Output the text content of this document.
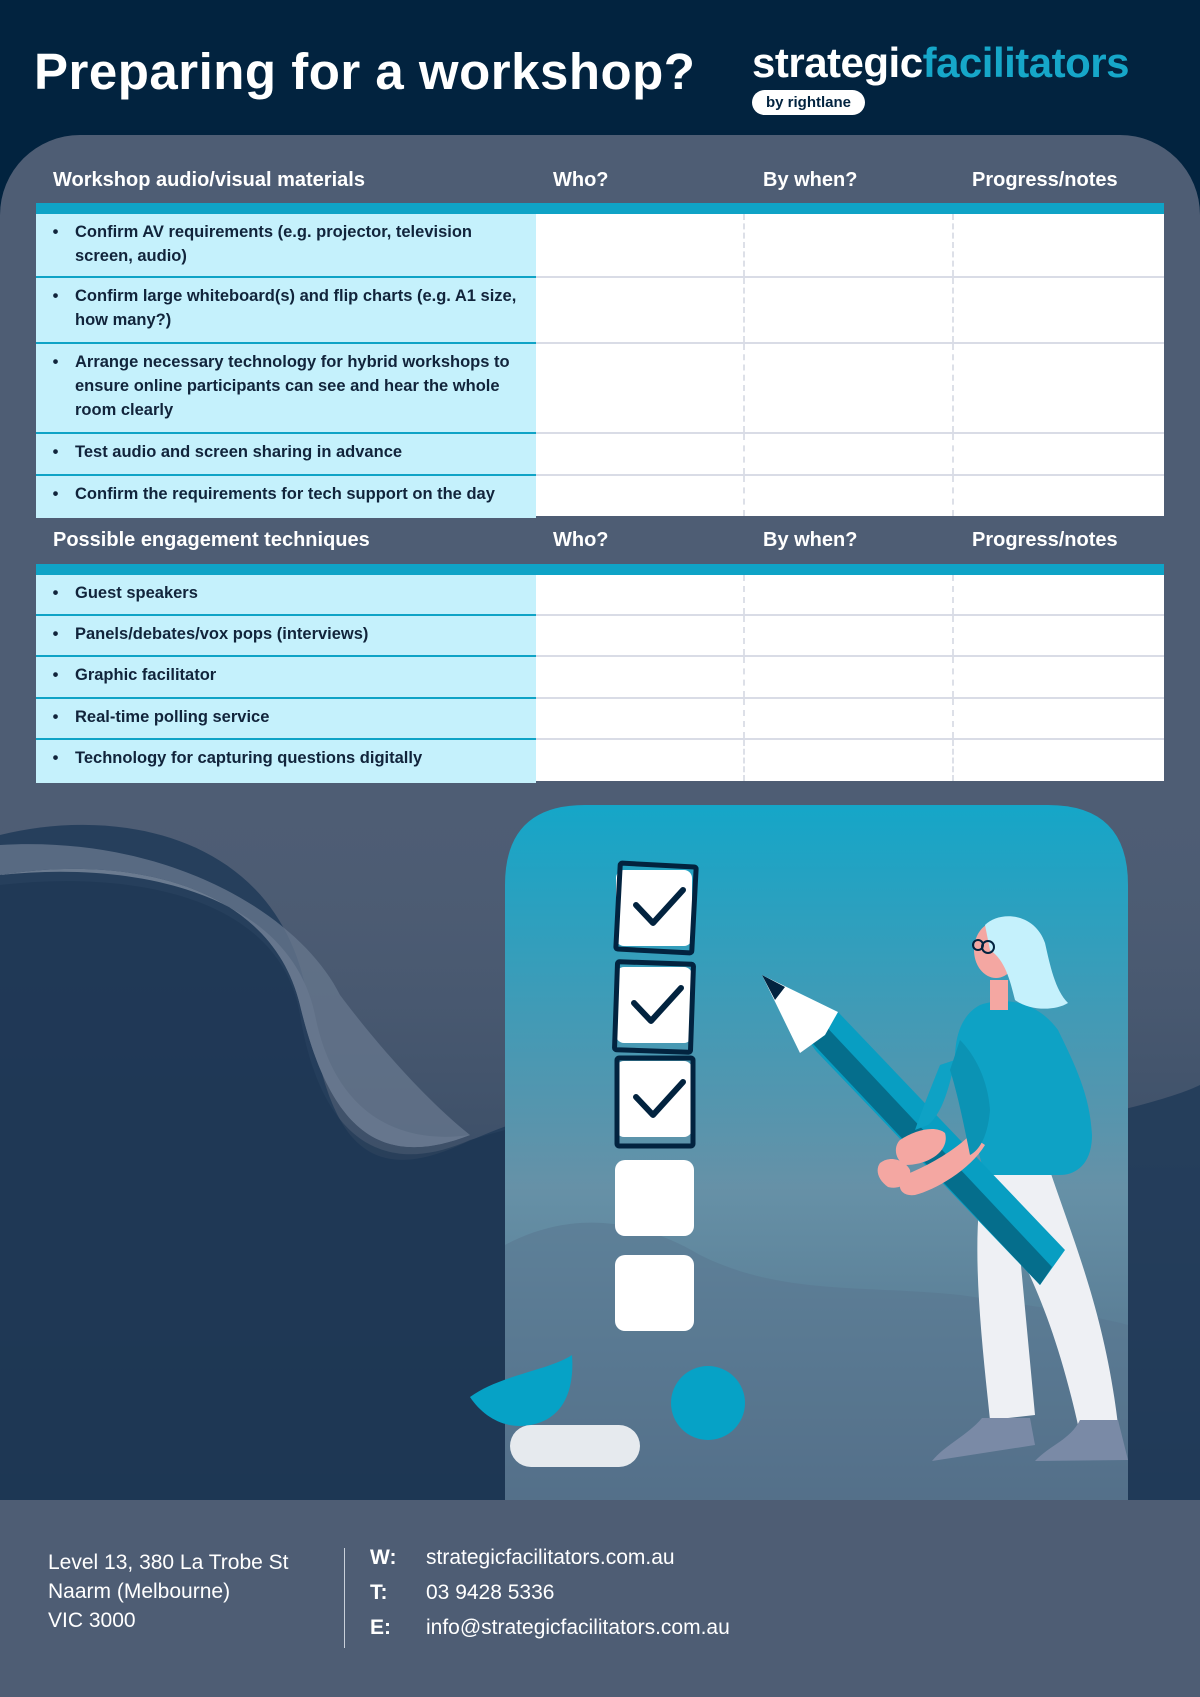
Preparing for a workshop? strategicfacilitators
by rightlane
Workshop audio/visual materials	Who?	By when?	Progress/notes
•	Confirm AV requirements (e.g. projector, television screen, audio)
•	Confirm large whiteboard(s) and flip charts (e.g. A1 size, how many?)
•	Arrange necessary technology for hybrid workshops to ensure online participants can see and hear the whole room clearly
•	Test audio and screen sharing in advance
•	Confirm the requirements for tech support on the day
Possible engagement techniques	Who?	By when?	Progress/notes
•	Guest speakers
•	Panels/debates/vox pops (interviews)
•	Graphic facilitator
•	Real-time polling service
•	Technology for capturing questions digitally
Level 13, 380 La Trobe St
Naarm (Melbourne)
VIC 3000
W:	strategicfacilitators.com.au
T:	03 9428 5336
E:	info@strategicfacilitators.com.au
